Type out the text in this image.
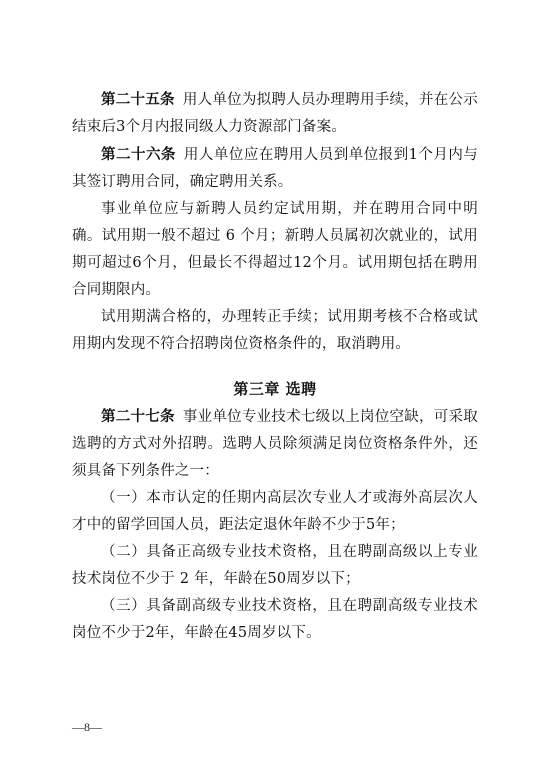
第二十五条 用人单位为拟聘人员办理聘用手续，并在公示结束后3个月内报同级人力资源部门备案。

第二十六条 用人单位应在聘用人员到单位报到1个月内与其签订聘用合同，确定聘用关系。

事业单位应与新聘人员约定试用期，并在聘用合同中明确。试用期一般不超过 6 个月；新聘人员属初次就业的，试用期可超过6个月，但最长不得超过12个月。试用期包括在聘用合同期限内。

试用期满合格的，办理转正手续；试用期考核不合格或试用期内发现不符合招聘岗位资格条件的，取消聘用。

第三章 选聘

第二十七条 事业单位专业技术七级以上岗位空缺，可采取选聘的方式对外招聘。选聘人员除须满足岗位资格条件外，还须具备下列条件之一：

（一）本市认定的任期内高层次专业人才或海外高层次人才中的留学回国人员，距法定退休年龄不少于5年；

（二）具备正高级专业技术资格，且在聘副高级以上专业技术岗位不少于 2 年，年龄在50周岁以下；

（三）具备副高级专业技术资格，且在聘副高级专业技术岗位不少于2年，年龄在45周岁以下。

—8—
